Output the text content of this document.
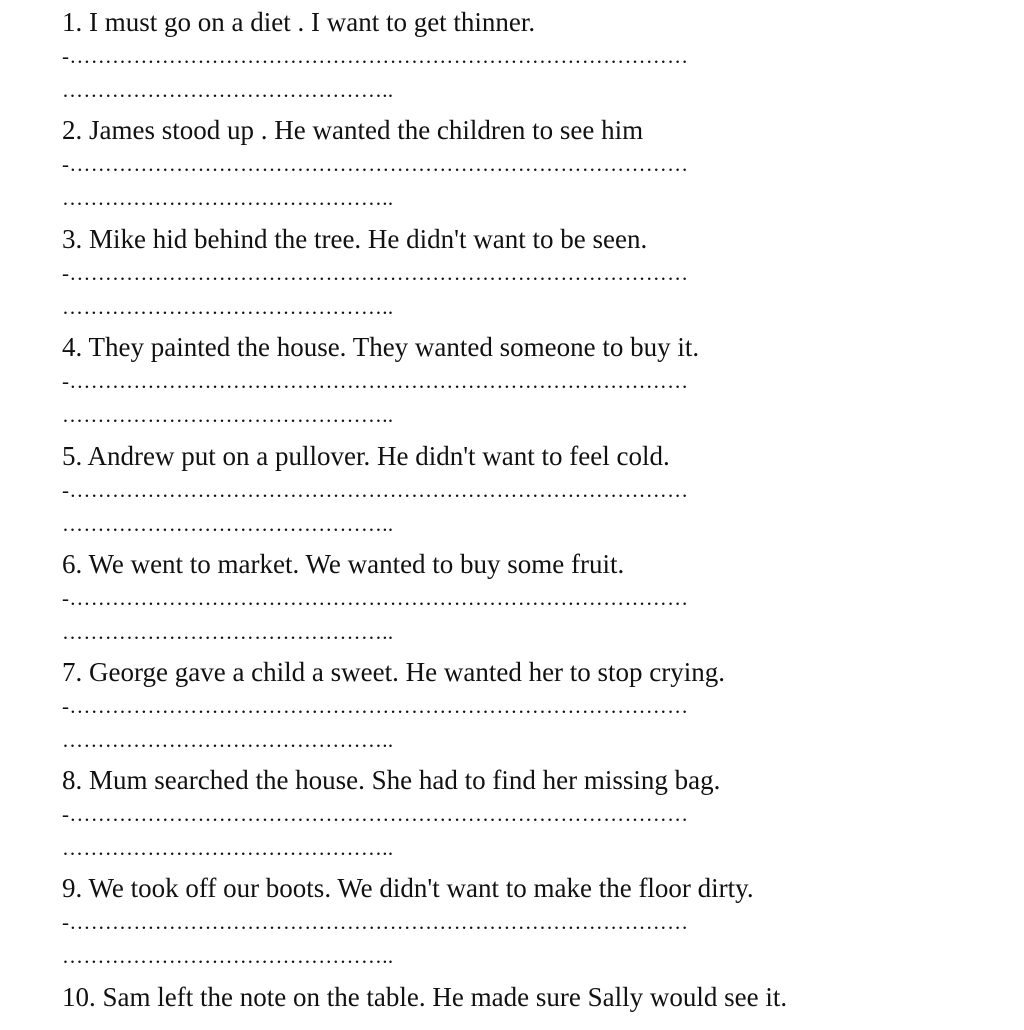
1. I must go on a diet . I want to get thinner.
-……………………………………………………………………………
………………………………………..
2. James stood up . He wanted the children to see him
-……………………………………………………………………………
………………………………………..
3. Mike hid behind the tree. He didn't want to be seen.
-……………………………………………………………………………
………………………………………..
4. They painted the house. They wanted someone to buy it.
-……………………………………………………………………………
………………………………………..
5. Andrew put on a pullover. He didn't want to feel cold.
-……………………………………………………………………………
………………………………………..
6. We went to market. We wanted to buy some fruit.
-……………………………………………………………………………
………………………………………..
7. George gave a child a sweet. He wanted her to stop crying.
-……………………………………………………………………………
………………………………………..
8. Mum searched the house. She had to find her missing bag.
-……………………………………………………………………………
………………………………………..
9. We took off our boots. We didn't want to make the floor dirty.
-……………………………………………………………………………
………………………………………..
10. Sam left the note on the table. He made sure Sally would see it.
